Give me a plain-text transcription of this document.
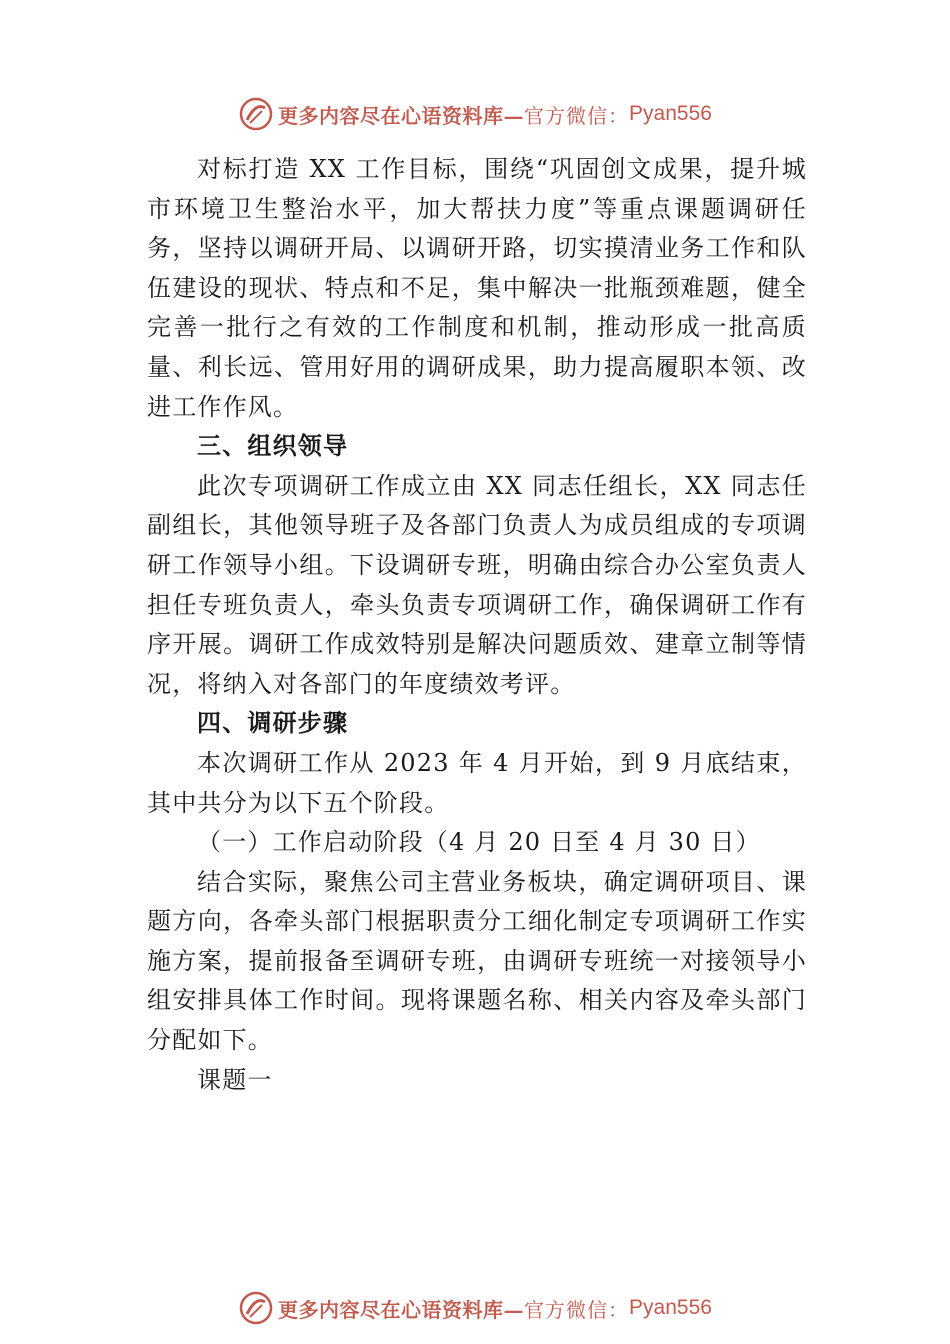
更多内容尽在心语资料库— 官方微信： Pyan556

对标打造 XX 工作目标，围绕“巩固创文成果，提升城市环境卫生整治水平，加大帮扶力度”等重点课题调研任务，坚持以调研开局、以调研开路，切实摸清业务工作和队伍建设的现状、特点和不足，集中解决一批瓶颈难题，健全完善一批行之有效的工作制度和机制，推动形成一批高质量、利长远、管用好用的调研成果，助力提高履职本领、改进工作作风。

三、组织领导

此次专项调研工作成立由 XX 同志任组长，XX 同志任副组长，其他领导班子及各部门负责人为成员组成的专项调研工作领导小组。下设调研专班，明确由综合办公室负责人担任专班负责人，牵头负责专项调研工作，确保调研工作有序开展。调研工作成效特别是解决问题质效、建章立制等情况，将纳入对各部门的年度绩效考评。

四、调研步骤

本次调研工作从 2023 年 4 月开始，到 9 月底结束，其中共分为以下五个阶段。

（一）工作启动阶段（4 月 20 日至 4 月 30 日）

结合实际，聚焦公司主营业务板块，确定调研项目、课题方向，各牵头部门根据职责分工细化制定专项调研工作实施方案，提前报备至调研专班，由调研专班统一对接领导小组安排具体工作时间。现将课题名称、相关内容及牵头部门分配如下。

课题一

更多内容尽在心语资料库— 官方微信： Pyan556
